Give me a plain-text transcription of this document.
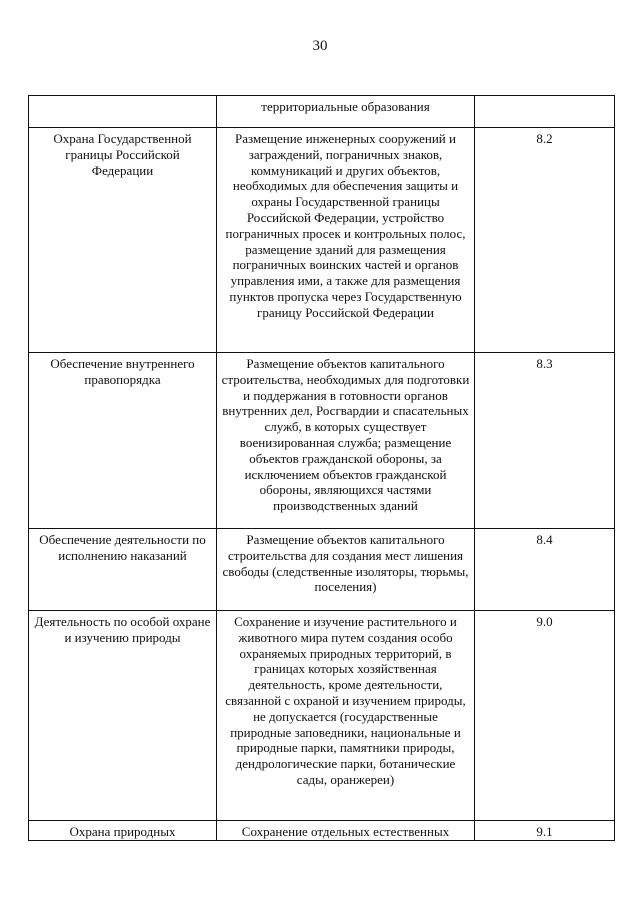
30
	территориальные образования	
Охрана Государственной границы Российской Федерации	Размещение инженерных сооружений и заграждений, пограничных знаков, коммуникаций и других объектов, необходимых для обеспечения защиты и охраны Государственной границы Российской Федерации, устройство пограничных просек и контрольных полос, размещение зданий для размещения пограничных воинских частей и органов управления ими, а также для размещения пунктов пропуска через Государственную границу Российской Федерации	8.2
Обеспечение внутреннего правопорядка	Размещение объектов капитального строительства, необходимых для подготовки и поддержания в готовности органов внутренних дел, Росгвардии и спасательных служб, в которых существует военизированная служба; размещение объектов гражданской обороны, за исключением объектов гражданской обороны, являющихся частями производственных зданий	8.3
Обеспечение деятельности по исполнению наказаний	Размещение объектов капитального строительства для создания мест лишения свободы (следственные изоляторы, тюрьмы, поселения)	8.4
Деятельность по особой охране и изучению природы	Сохранение и изучение растительного и животного мира путем создания особо охраняемых природных территорий, в границах которых хозяйственная деятельность, кроме деятельности, связанной с охраной и изучением природы, не допускается (государственные природные заповедники, национальные и природные парки, памятники природы, дендрологические парки, ботанические сады, оранжереи)	9.0
Охрана природных	Сохранение отдельных естественных	9.1
